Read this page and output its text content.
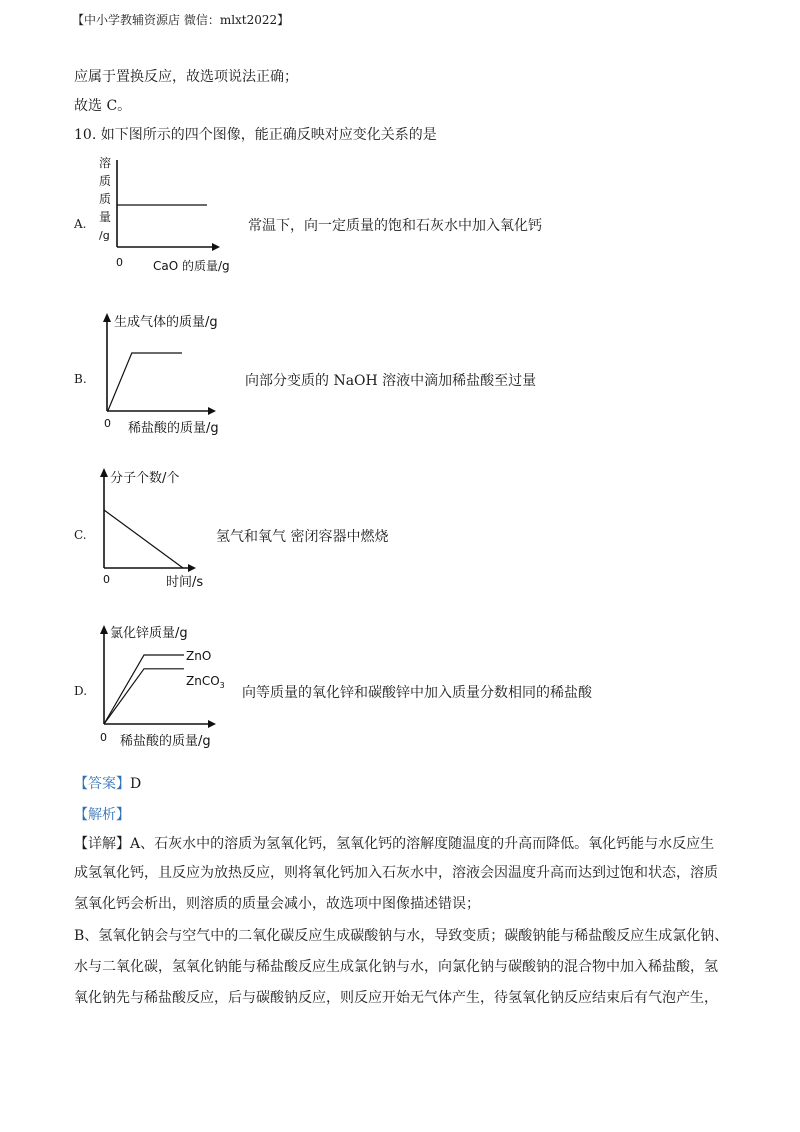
【中小学教辅资源店 微信：mlxt2022】
应属于置换反应，故选项说法正确；
故选 C。
10. 如下图所示的四个图像，能正确反映对应变化关系的是
A.
溶
质
质
量
/g
0	CaO 的质量/g
常温下，向一定质量的饱和石灰水中加入氧化钙
B.
生成气体的质量/g
0 稀盐酸的质量/g
向部分变质的 NaOH 溶液中滴加稀盐酸至过量
C.
分子个数/个
0	时间/s
氢气和氧气 密闭容器中燃烧
D.
氯化锌质量/g
ZnO
ZnCO$_3$
0 稀盐酸的质量/g
向等质量的氧化锌和碳酸锌中加入质量分数相同的稀盐酸
【答案】D
【解析】
【详解】A、石灰水中的溶质为氢氧化钙，氢氧化钙的溶解度随温度的升高而降低。氧化钙能与水反应生
成氢氧化钙，且反应为放热反应，则将氧化钙加入石灰水中，溶液会因温度升高而达到过饱和状态，溶质
氢氧化钙会析出，则溶质的质量会减小，故选项中图像描述错误；
B、氢氧化钠会与空气中的二氧化碳反应生成碳酸钠与水，导致变质；碳酸钠能与稀盐酸反应生成氯化钠、
水与二氧化碳，氢氧化钠能与稀盐酸反应生成氯化钠与水，向氯化钠与碳酸钠的混合物中加入稀盐酸，氢
氧化钠先与稀盐酸反应，后与碳酸钠反应，则反应开始无气体产生，待氢氧化钠反应结束后有气泡产生，
